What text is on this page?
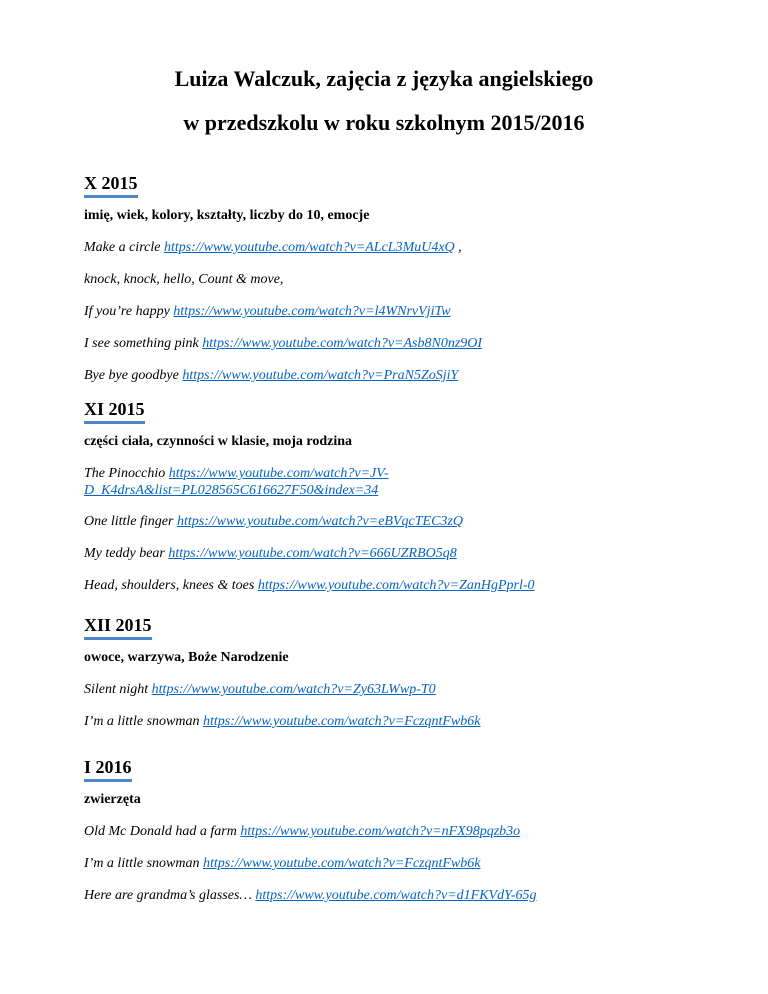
Luiza Walczuk, zajęcia z języka angielskiego
w przedszkolu w roku szkolnym 2015/2016
X 2015
imię, wiek, kolory, kształty, liczby do 10, emocje
Make a circle https://www.youtube.com/watch?v=ALcL3MuU4xQ ,
knock, knock, hello, Count & move,
If you’re happy https://www.youtube.com/watch?v=l4WNrvVjiTw
I see something pink https://www.youtube.com/watch?v=Asb8N0nz9OI
Bye bye goodbye https://www.youtube.com/watch?v=PraN5ZoSjiY
XI 2015
części ciała, czynności w klasie, moja rodzina
The Pinocchio https://www.youtube.com/watch?v=JV-D_K4drsA&list=PL028565C616627F50&index=34
One little finger https://www.youtube.com/watch?v=eBVqcTEC3zQ
My teddy bear https://www.youtube.com/watch?v=666UZRBO5q8
Head, shoulders, knees & toes https://www.youtube.com/watch?v=ZanHgPprl-0
XII 2015
owoce, warzywa, Boże Narodzenie
Silent night https://www.youtube.com/watch?v=Zy63LWwp-T0
I’m a little snowman https://www.youtube.com/watch?v=FczqntFwb6k
I 2016
zwierzęta
Old Mc Donald had a farm https://www.youtube.com/watch?v=nFX98pqzb3o
I’m a little snowman https://www.youtube.com/watch?v=FczqntFwb6k
Here are grandma’s glasses… https://www.youtube.com/watch?v=d1FKVdY-65g
